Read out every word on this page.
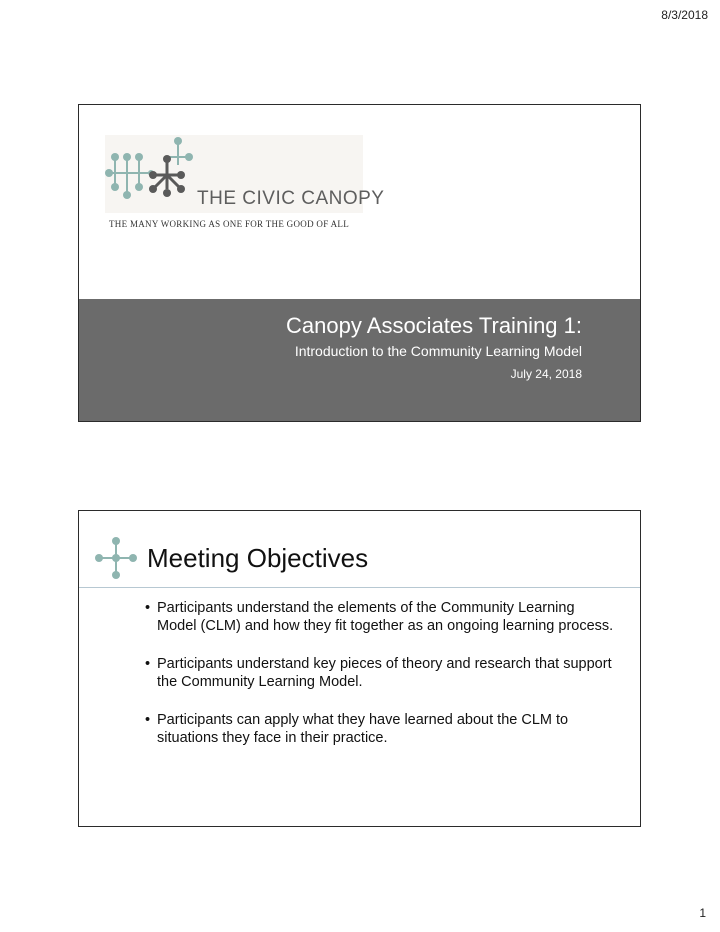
8/3/2018
THE CIVIC CANOPY
THE MANY WORKING AS ONE FOR THE GOOD OF ALL
Canopy Associates Training 1:
Introduction to the Community Learning Model
July 24, 2018
Meeting Objectives
• Participants understand the elements of the Community Learning Model (CLM) and how they fit together as an ongoing learning process.
• Participants understand key pieces of theory and research that support the Community Learning Model.
• Participants can apply what they have learned about the CLM to situations they face in their practice.
1
